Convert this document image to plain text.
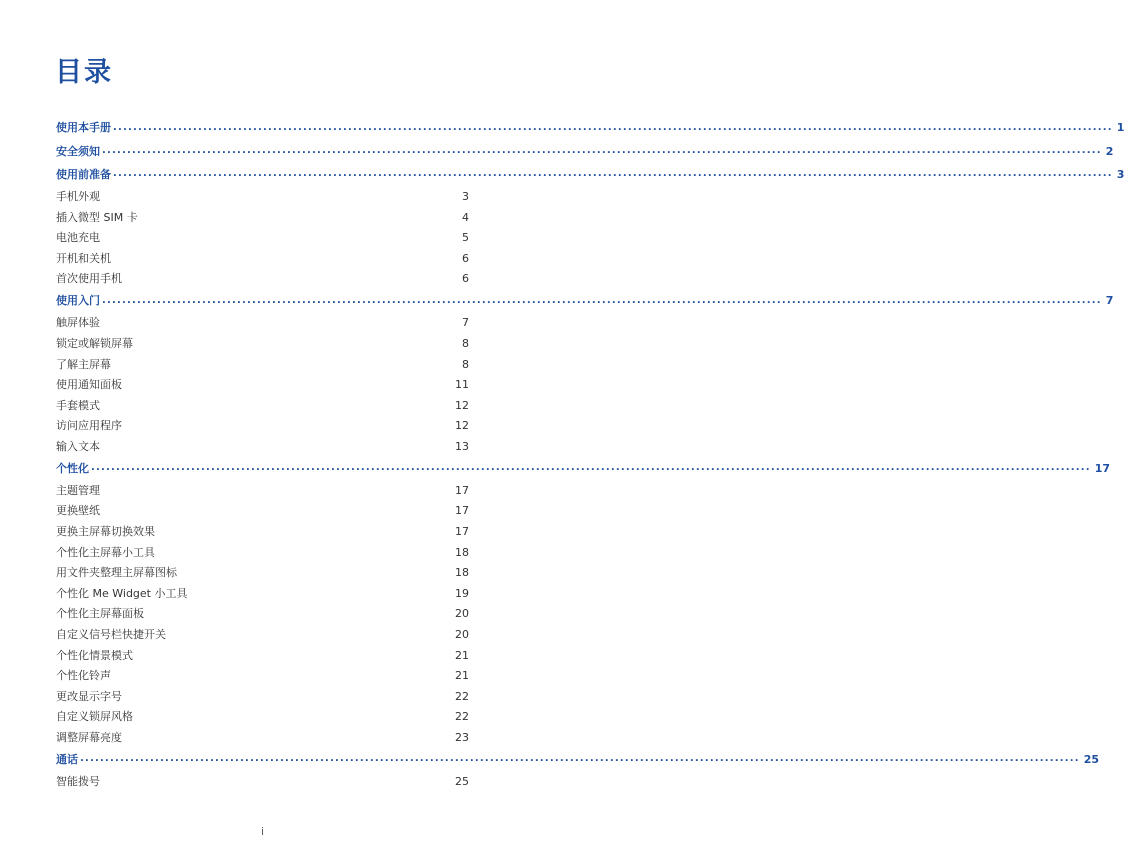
目录
使用本手册 ........................................................................................................................................................................................................ 1
安全须知 ........................................................................................................................................................................................................ 2
使用前准备 ........................................................................................................................................................................................................ 3
手机外观	3
插入微型 SIM 卡	4
电池充电	5
开机和关机	6
首次使用手机	6
使用入门 ........................................................................................................................................................................................................ 7
触屏体验	7
锁定或解锁屏幕	8
了解主屏幕	8
使用通知面板	11
手套模式	12
访问应用程序	12
输入文本	13
个性化 ........................................................................................................................................................................................................ 17
主题管理	17
更换壁纸	17
更换主屏幕切换效果	17
个性化主屏幕小工具	18
用文件夹整理主屏幕图标	18
个性化 Me Widget 小工具	19
个性化主屏幕面板	20
自定义信号栏快捷开关	20
个性化情景模式	21
个性化铃声	21
更改显示字号	22
自定义锁屏风格	22
调整屏幕亮度	23
通话 ........................................................................................................................................................................................................ 25
智能拨号	25
i
